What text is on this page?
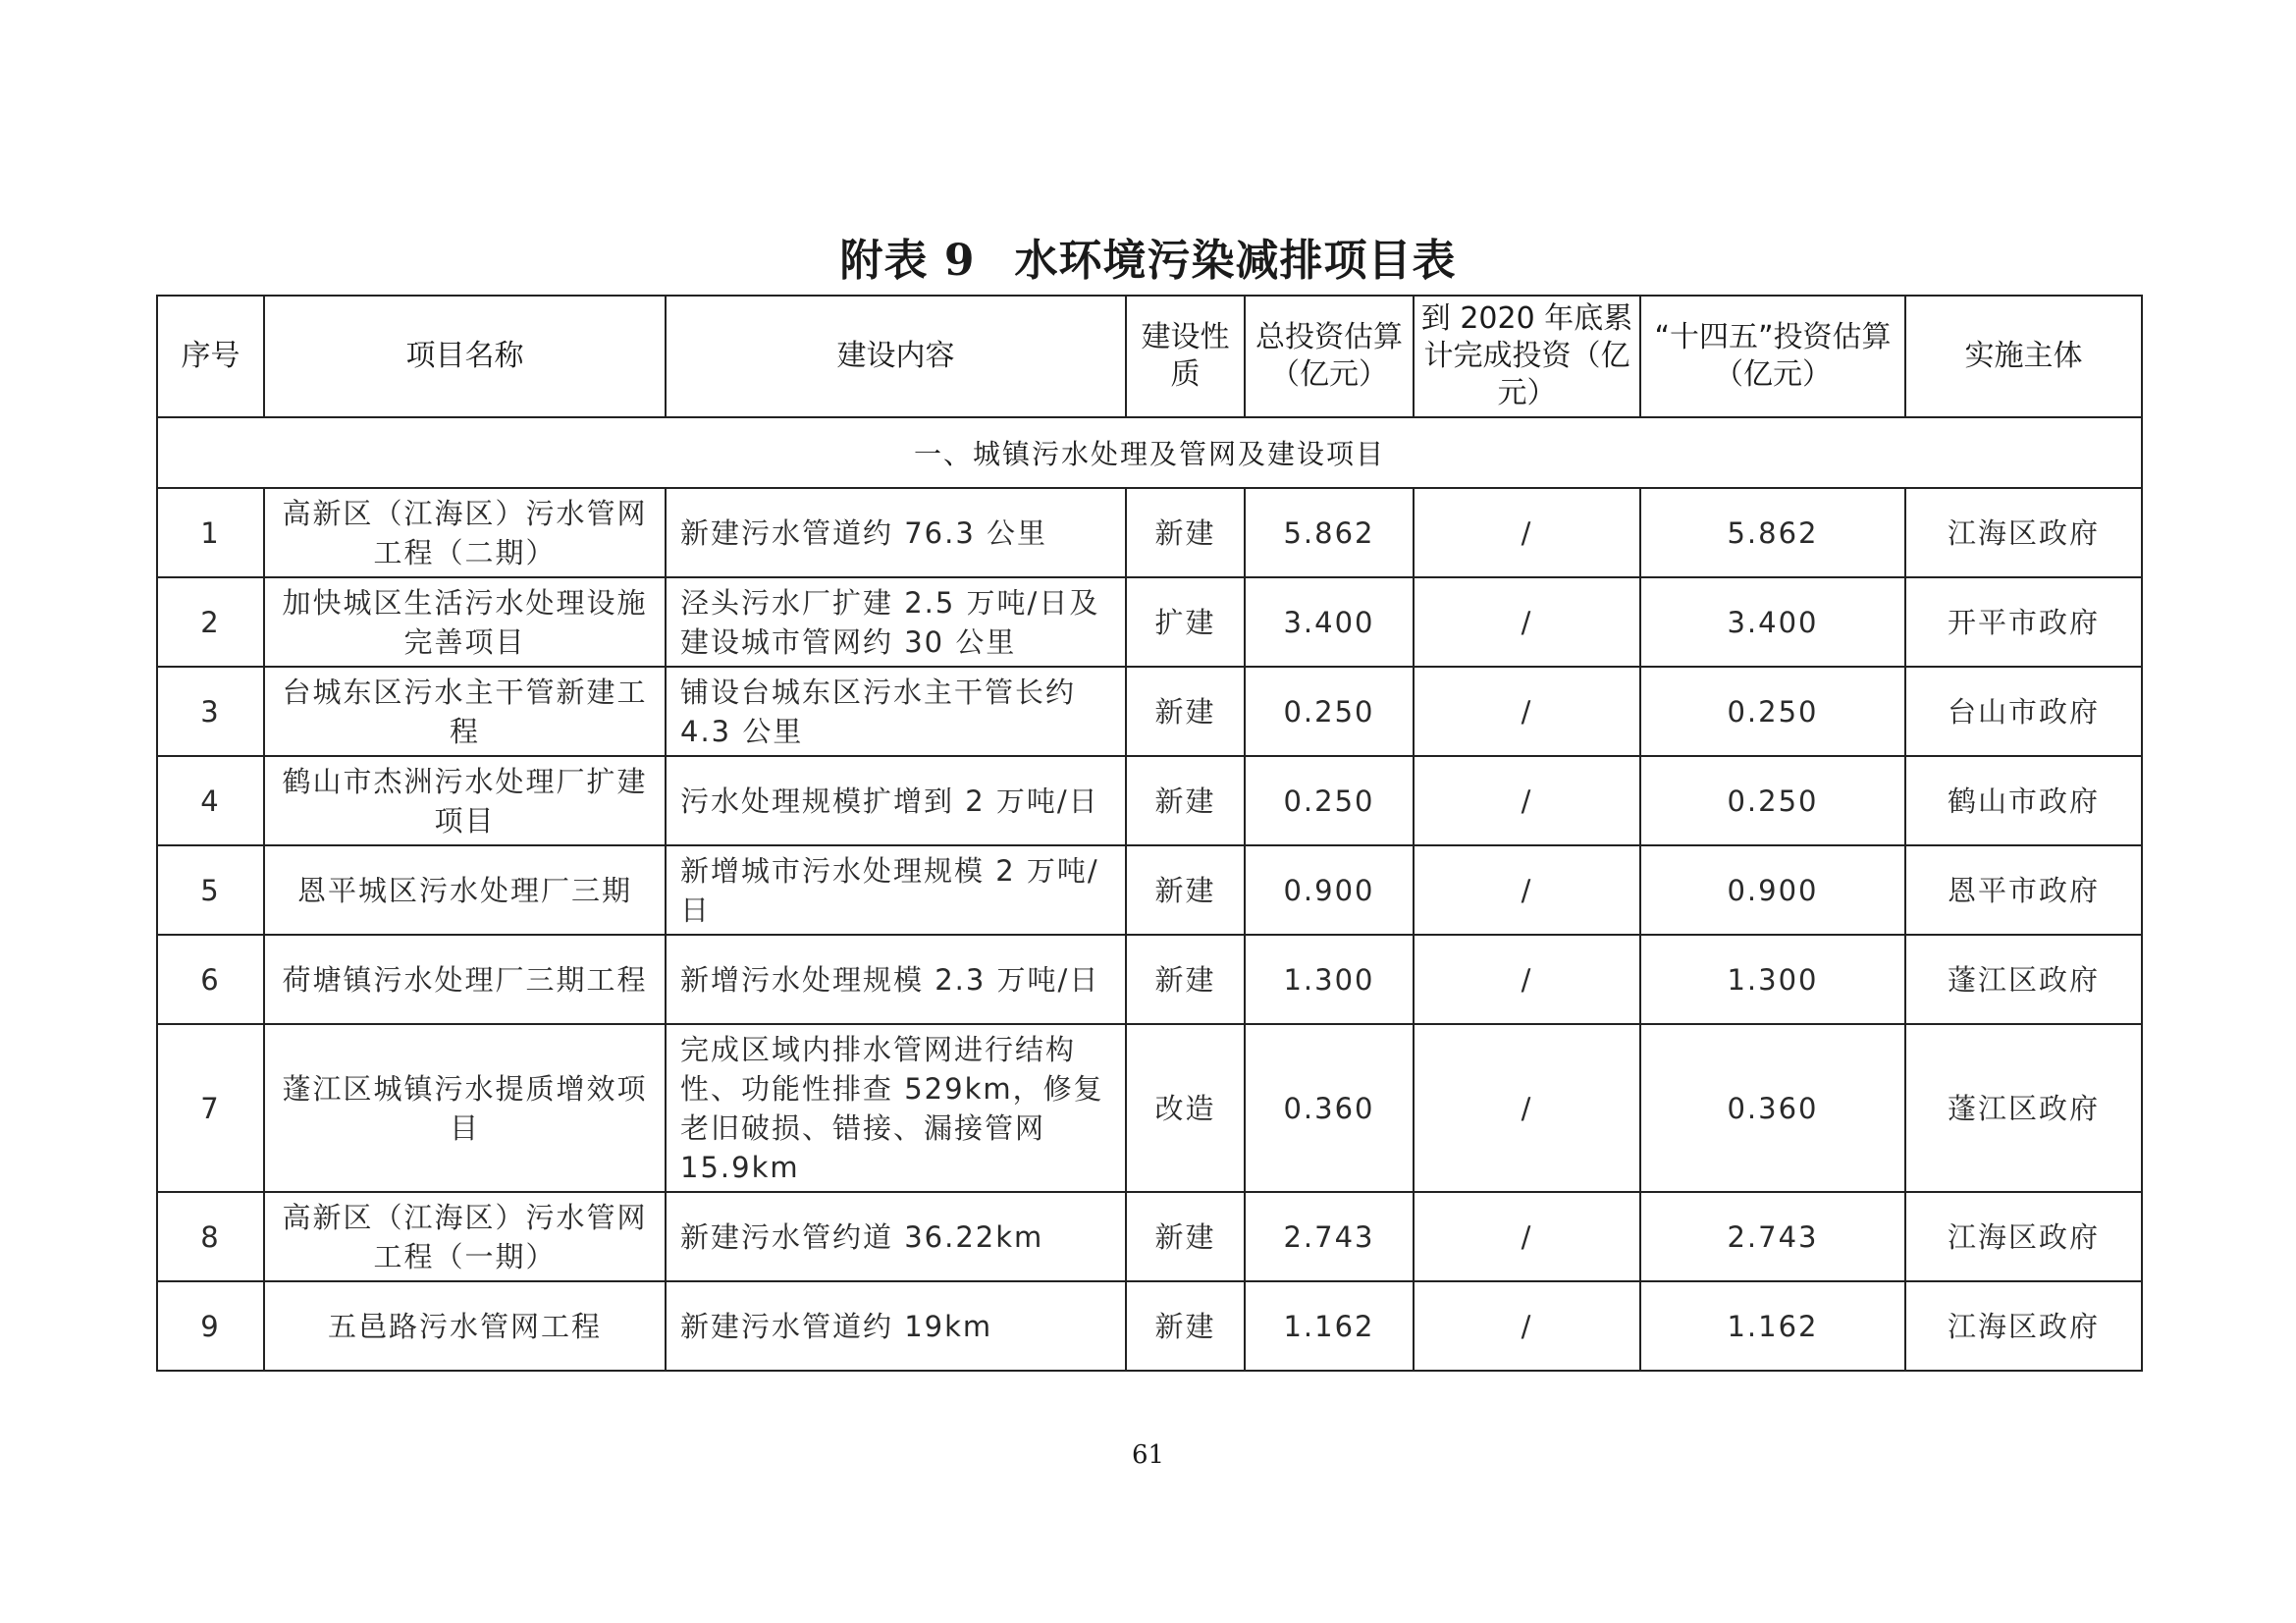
附表 9 水环境污染减排项目表
序号	项目名称	建设内容	建设性质	总投资估算（亿元）	到 2020 年底累计完成投资（亿元）	“十四五”投资估算（亿元）	实施主体
一、城镇污水处理及管网及建设项目							
1	高新区（江海区）污水管网工程（二期）	新建污水管道约 76.3 公里	新建	5.862	/	5.862	江海区政府
2	加快城区生活污水处理设施完善项目	泾头污水厂扩建 2.5 万吨/日及建设城市管网约 30 公里	扩建	3.400	/	3.400	开平市政府
3	台城东区污水主干管新建工程	铺设台城东区污水主干管长约 4.3 公里	新建	0.250	/	0.250	台山市政府
4	鹤山市杰洲污水处理厂扩建项目	污水处理规模扩增到 2 万吨/日	新建	0.250	/	0.250	鹤山市政府
5	恩平城区污水处理厂三期	新增城市污水处理规模 2 万吨/日	新建	0.900	/	0.900	恩平市政府
6	荷塘镇污水处理厂三期工程	新增污水处理规模 2.3 万吨/日	新建	1.300	/	1.300	蓬江区政府
7	蓬江区城镇污水提质增效项目	完成区域内排水管网进行结构性、功能性排查 529km，修复老旧破损、错接、漏接管网 15.9km	改造	0.360	/	0.360	蓬江区政府
8	高新区（江海区）污水管网工程（一期）	新建污水管约道 36.22km	新建	2.743	/	2.743	江海区政府
9	五邑路污水管网工程	新建污水管道约 19km	新建	1.162	/	1.162	江海区政府
61
